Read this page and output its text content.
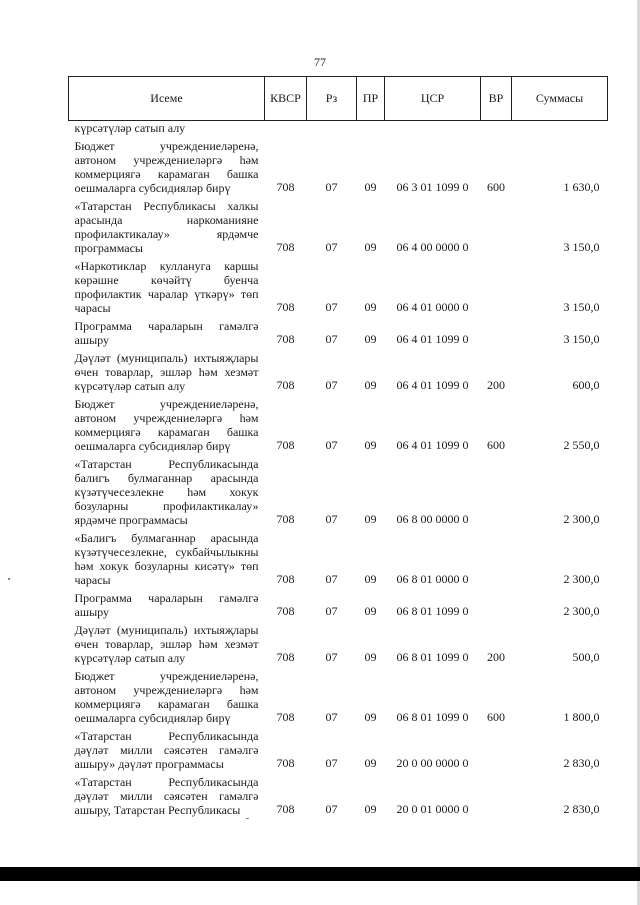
77
Исеме	КВСР	Рз	ПР	ЦСР	ВР	Суммасы

күрсәтүләр сатып алу						

Бюджет учреждениеләренә, автоном учреждениеләргә һәм коммерциягә карамаган башка оешмаларга субсидияләр бирү	708	07	09	06 3 01 1099 0	600	1 630,0

«Татарстан Республикасы халкы арасында наркоманияне профилактикалау» ярдәмче программасы	708	07	09	06 4 00 0000 0		3 150,0

«Наркотиклар куллануга каршы көрәшне көчәйтү буенча профилактик чаралар үткәрү» төп чарасы	708	07	09	06 4 01 0000 0		3 150,0

Программа чараларын гамәлгә ашыру	708	07	09	06 4 01 1099 0		3 150,0

Дәүләт (муниципаль) ихтыяҗлары өчен товарлар, эшләр һәм хезмәт күрсәтүләр сатып алу	708	07	09	06 4 01 1099 0	200	600,0

Бюджет учреждениеләренә, автоном учреждениеләргә һәм коммерциягә карамаган башка оешмаларга субсидияләр бирү	708	07	09	06 4 01 1099 0	600	2 550,0

«Татарстан Республикасында балигъ булмаганнар арасында күзәтүчесезлекне һәм хокук бозуларны профилактикалау» ярдәмче программасы	708	07	09	06 8 00 0000 0		2 300,0

«Балигъ булмаганнар арасында күзәтүчесезлекне, сукбайчылыкны һәм хокук бозуларны кисәтү» төп чарасы	708	07	09	06 8 01 0000 0		2 300,0

Программа чараларын гамәлгә ашыру	708	07	09	06 8 01 1099 0		2 300,0

Дәүләт (муниципаль) ихтыяҗлары өчен товарлар, эшләр һәм хезмәт күрсәтүләр сатып алу	708	07	09	06 8 01 1099 0	200	500,0

Бюджет учреждениеләренә, автоном учреждениеләргә һәм коммерциягә карамаган башка оешмаларга субсидияләр бирү	708	07	09	06 8 01 1099 0	600	1 800,0

«Татарстан Республикасында дәүләт милли сәясәтен гамәлгә ашыру» дәүләт программасы	708	07	09	20 0 00 0000 0		2 830,0

«Татарстан Республикасында дәүләт милли сәясәтен гамәлгә ашыру, Татарстан Республикасы	708	07	09	20 0 01 0000 0		2 830,0
